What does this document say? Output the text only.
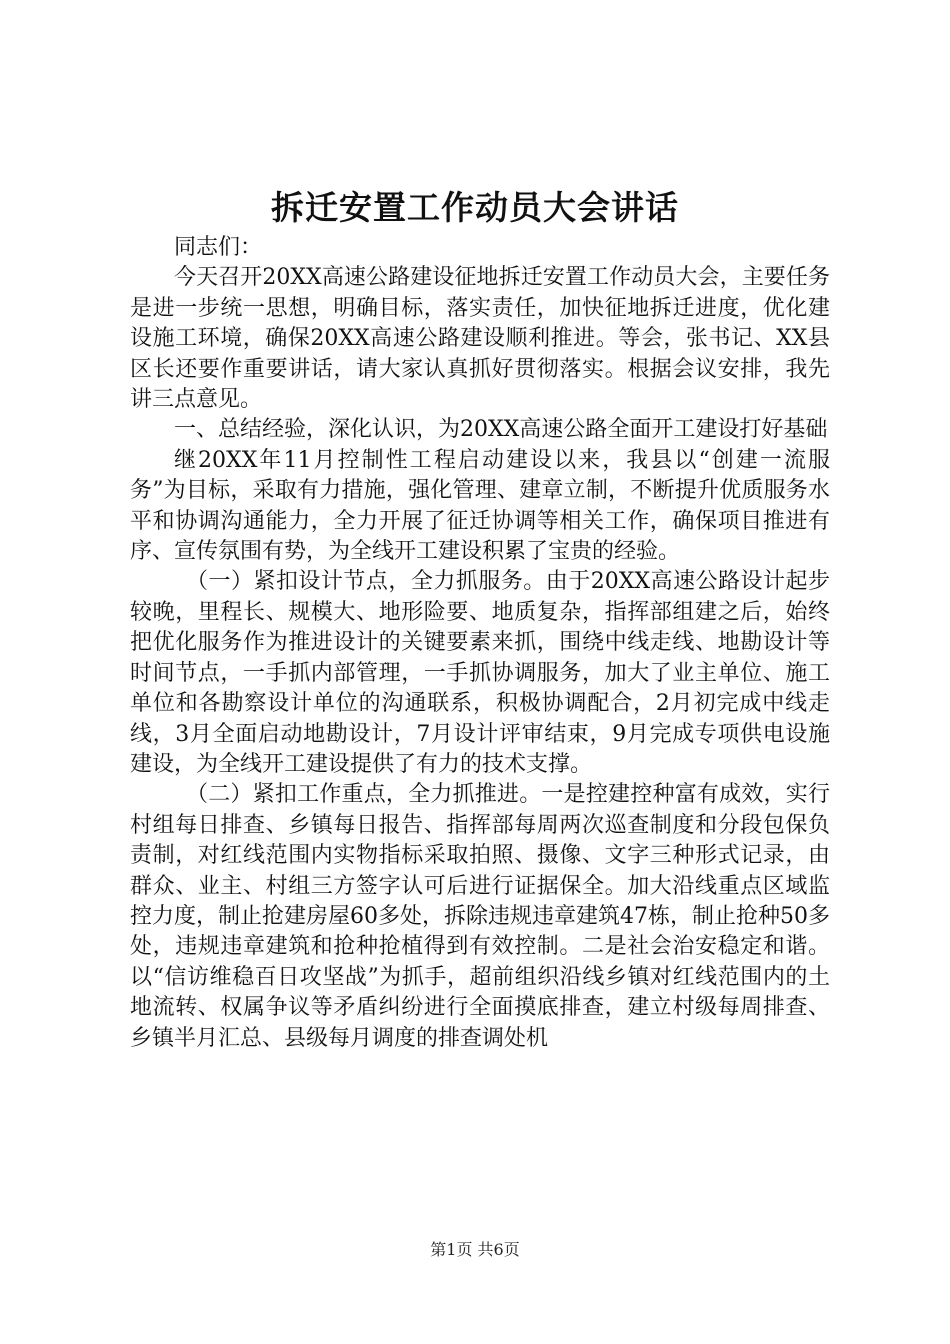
拆迁安置工作动员大会讲话

同志们：

今天召开20XX高速公路建设征地拆迁安置工作动员大会，主要任务是进一步统一思想，明确目标，落实责任，加快征地拆迁进度，优化建设施工环境，确保20XX高速公路建设顺利推进。等会，张书记、XX县区长还要作重要讲话，请大家认真抓好贯彻落实。根据会议安排，我先讲三点意见。

一、总结经验，深化认识，为20XX高速公路全面开工建设打好基础

继20XX年11月控制性工程启动建设以来，我县以“创建一流服务”为目标，采取有力措施，强化管理、建章立制，不断提升优质服务水平和协调沟通能力，全力开展了征迁协调等相关工作，确保项目推进有序、宣传氛围有势，为全线开工建设积累了宝贵的经验。

（一）紧扣设计节点，全力抓服务。由于20XX高速公路设计起步较晚，里程长、规模大、地形险要、地质复杂，指挥部组建之后，始终把优化服务作为推进设计的关键要素来抓，围绕中线走线、地勘设计等时间节点，一手抓内部管理，一手抓协调服务，加大了业主单位、施工单位和各勘察设计单位的沟通联系，积极协调配合，2月初完成中线走线，3月全面启动地勘设计，7月设计评审结束，9月完成专项供电设施建设，为全线开工建设提供了有力的技术支撑。

（二）紧扣工作重点，全力抓推进。一是控建控种富有成效，实行村组每日排查、乡镇每日报告、指挥部每周两次巡查制度和分段包保负责制，对红线范围内实物指标采取拍照、摄像、文字三种形式记录，由群众、业主、村组三方签字认可后进行证据保全。加大沿线重点区域监控力度，制止抢建房屋60多处，拆除违规违章建筑47栋，制止抢种50多处，违规违章建筑和抢种抢植得到有效控制。二是社会治安稳定和谐。以“信访维稳百日攻坚战”为抓手，超前组织沿线乡镇对红线范围内的土地流转、权属争议等矛盾纠纷进行全面摸底排查，建立村级每周排查、乡镇半月汇总、县级每月调度的排查调处机

第1页 共6页
